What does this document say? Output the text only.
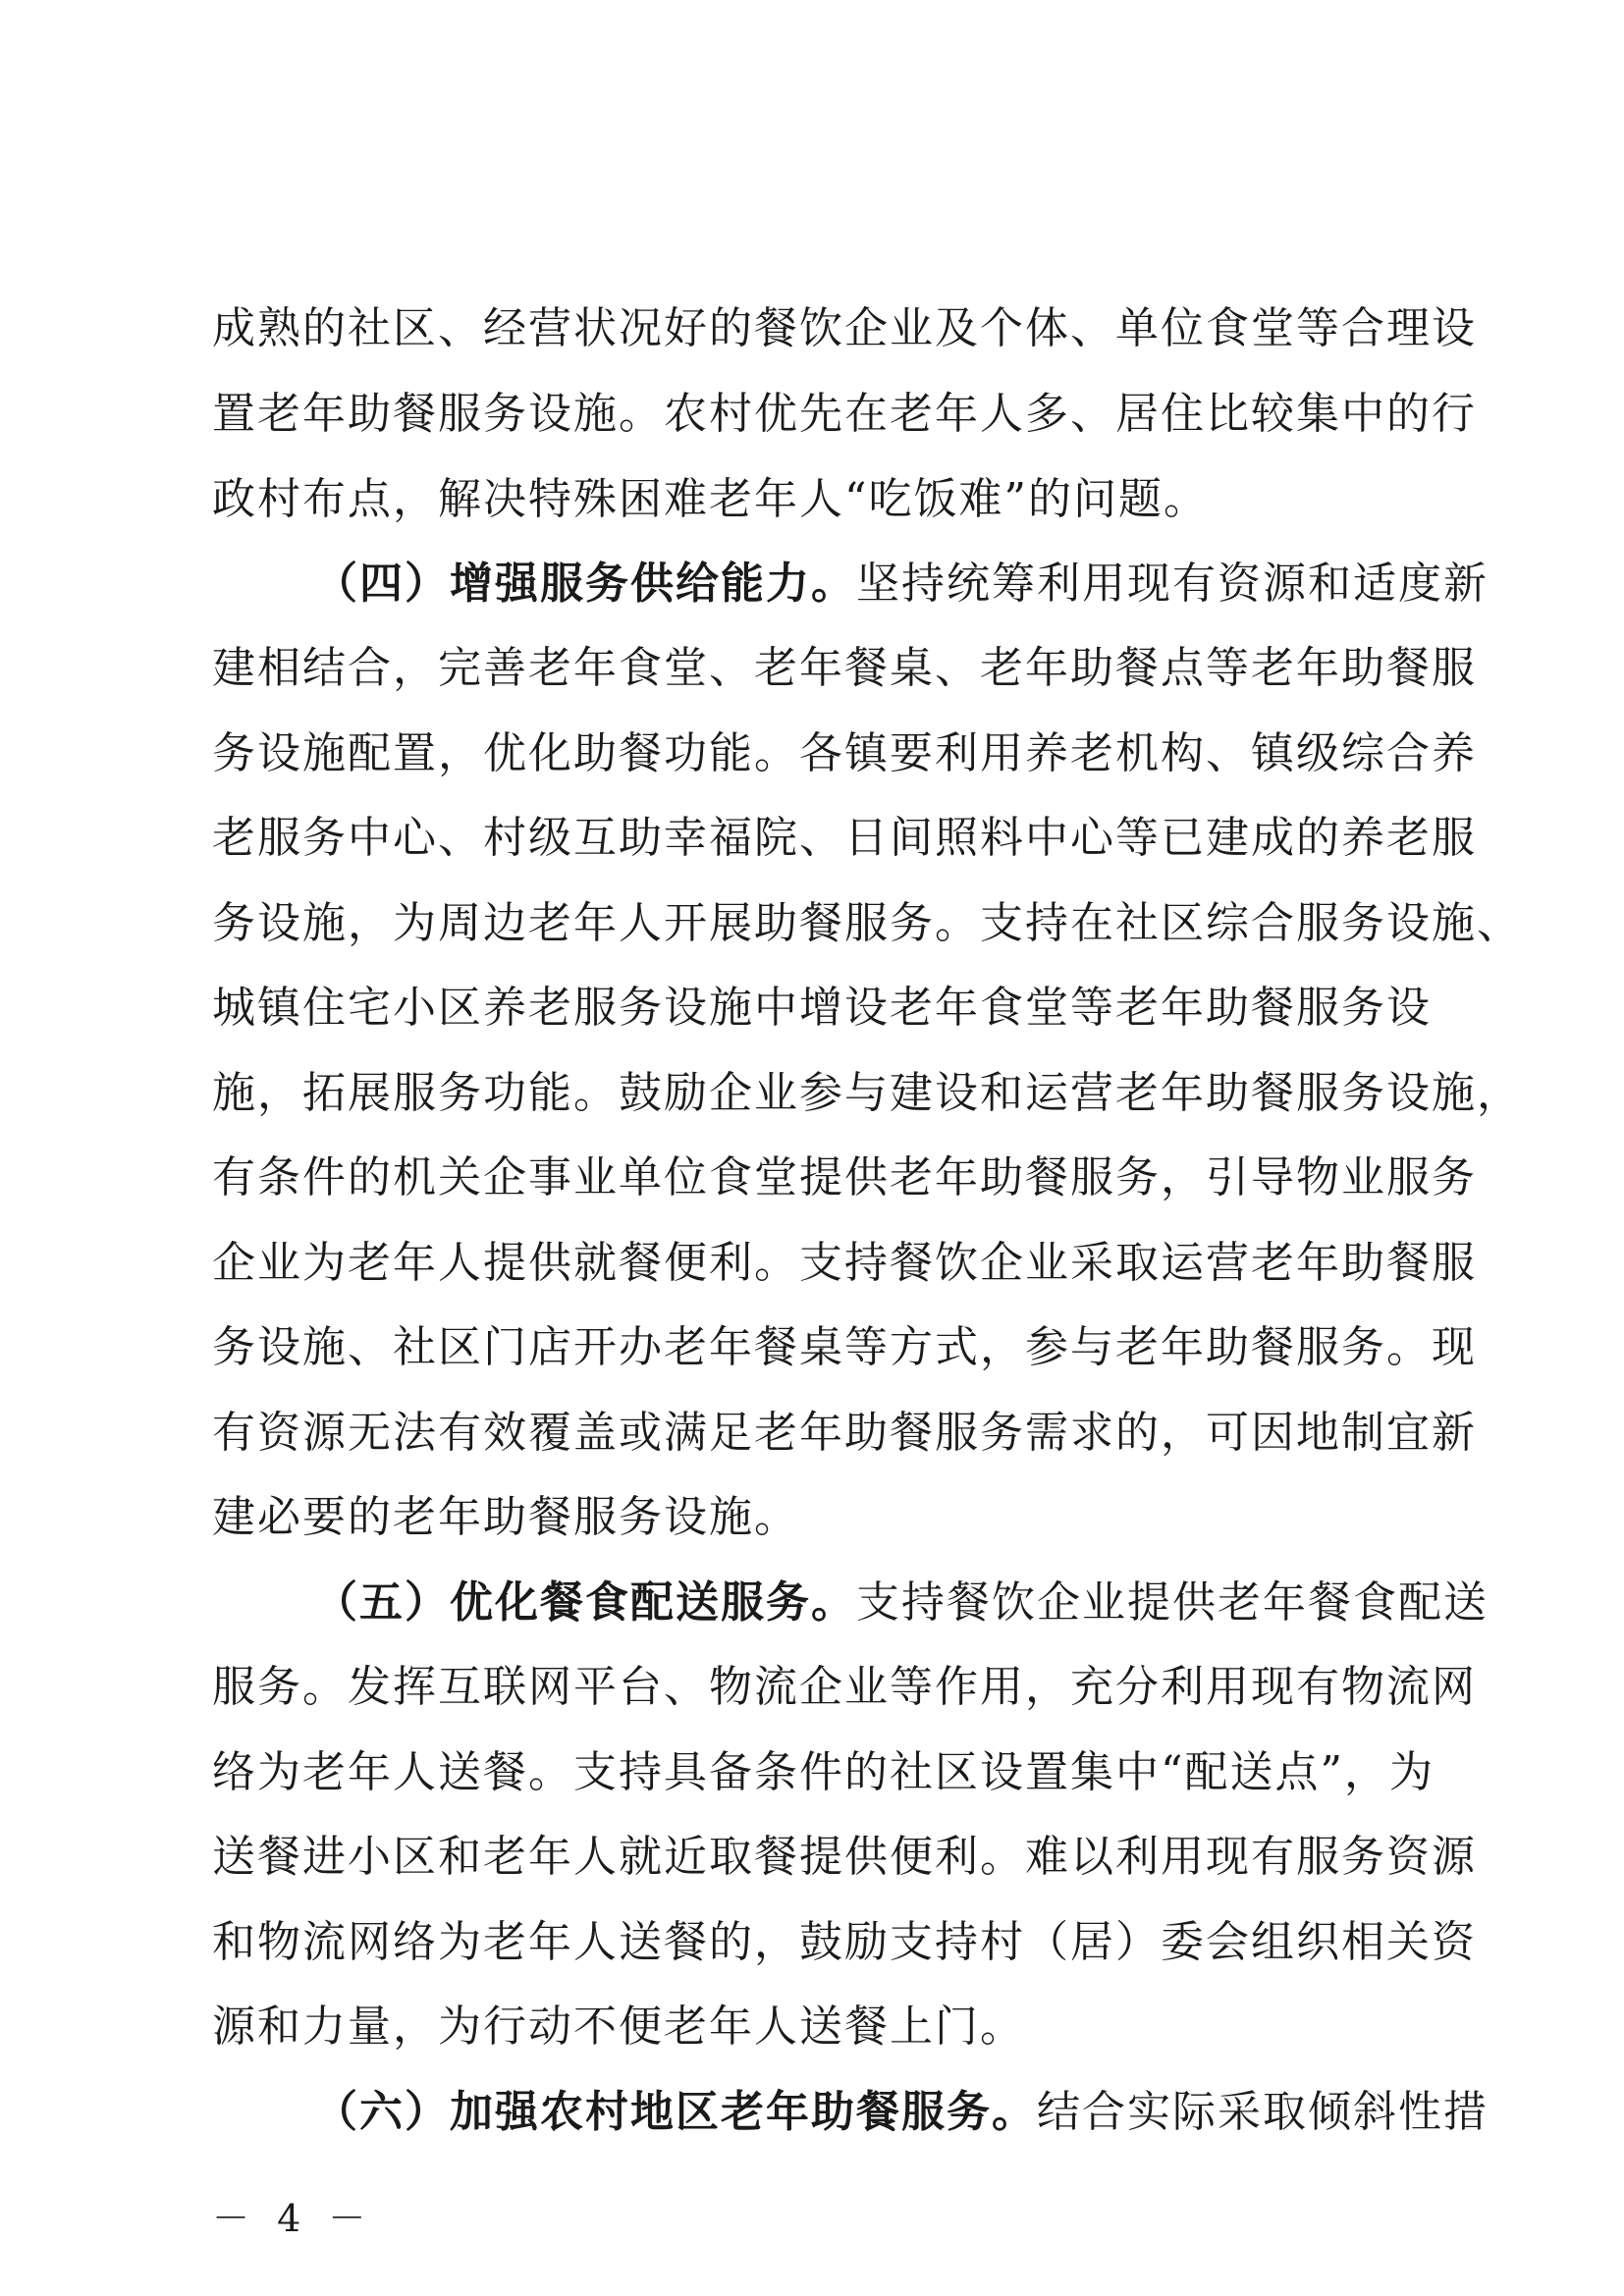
成熟的社区、经营状况好的餐饮企业及个体、单位食堂等合理设
置老年助餐服务设施。农村优先在老年人多、居住比较集中的行
政村布点，解决特殊困难老年人“吃饭难”的问题。
（四）增强服务供给能力。坚持统筹利用现有资源和适度新
建相结合，完善老年食堂、老年餐桌、老年助餐点等老年助餐服
务设施配置，优化助餐功能。各镇要利用养老机构、镇级综合养
老服务中心、村级互助幸福院、日间照料中心等已建成的养老服
务设施，为周边老年人开展助餐服务。支持在社区综合服务设施、
城镇住宅小区养老服务设施中增设老年食堂等老年助餐服务设
施，拓展服务功能。鼓励企业参与建设和运营老年助餐服务设施，
有条件的机关企事业单位食堂提供老年助餐服务，引导物业服务
企业为老年人提供就餐便利。支持餐饮企业采取运营老年助餐服
务设施、社区门店开办老年餐桌等方式，参与老年助餐服务。现
有资源无法有效覆盖或满足老年助餐服务需求的，可因地制宜新
建必要的老年助餐服务设施。
（五）优化餐食配送服务。支持餐饮企业提供老年餐食配送
服务。发挥互联网平台、物流企业等作用，充分利用现有物流网
络为老年人送餐。支持具备条件的社区设置集中“配送点”，为
送餐进小区和老年人就近取餐提供便利。难以利用现有服务资源
和物流网络为老年人送餐的，鼓励支持村（居）委会组织相关资
源和力量，为行动不便老年人送餐上门。
（六）加强农村地区老年助餐服务。结合实际采取倾斜性措
－ 4 －
